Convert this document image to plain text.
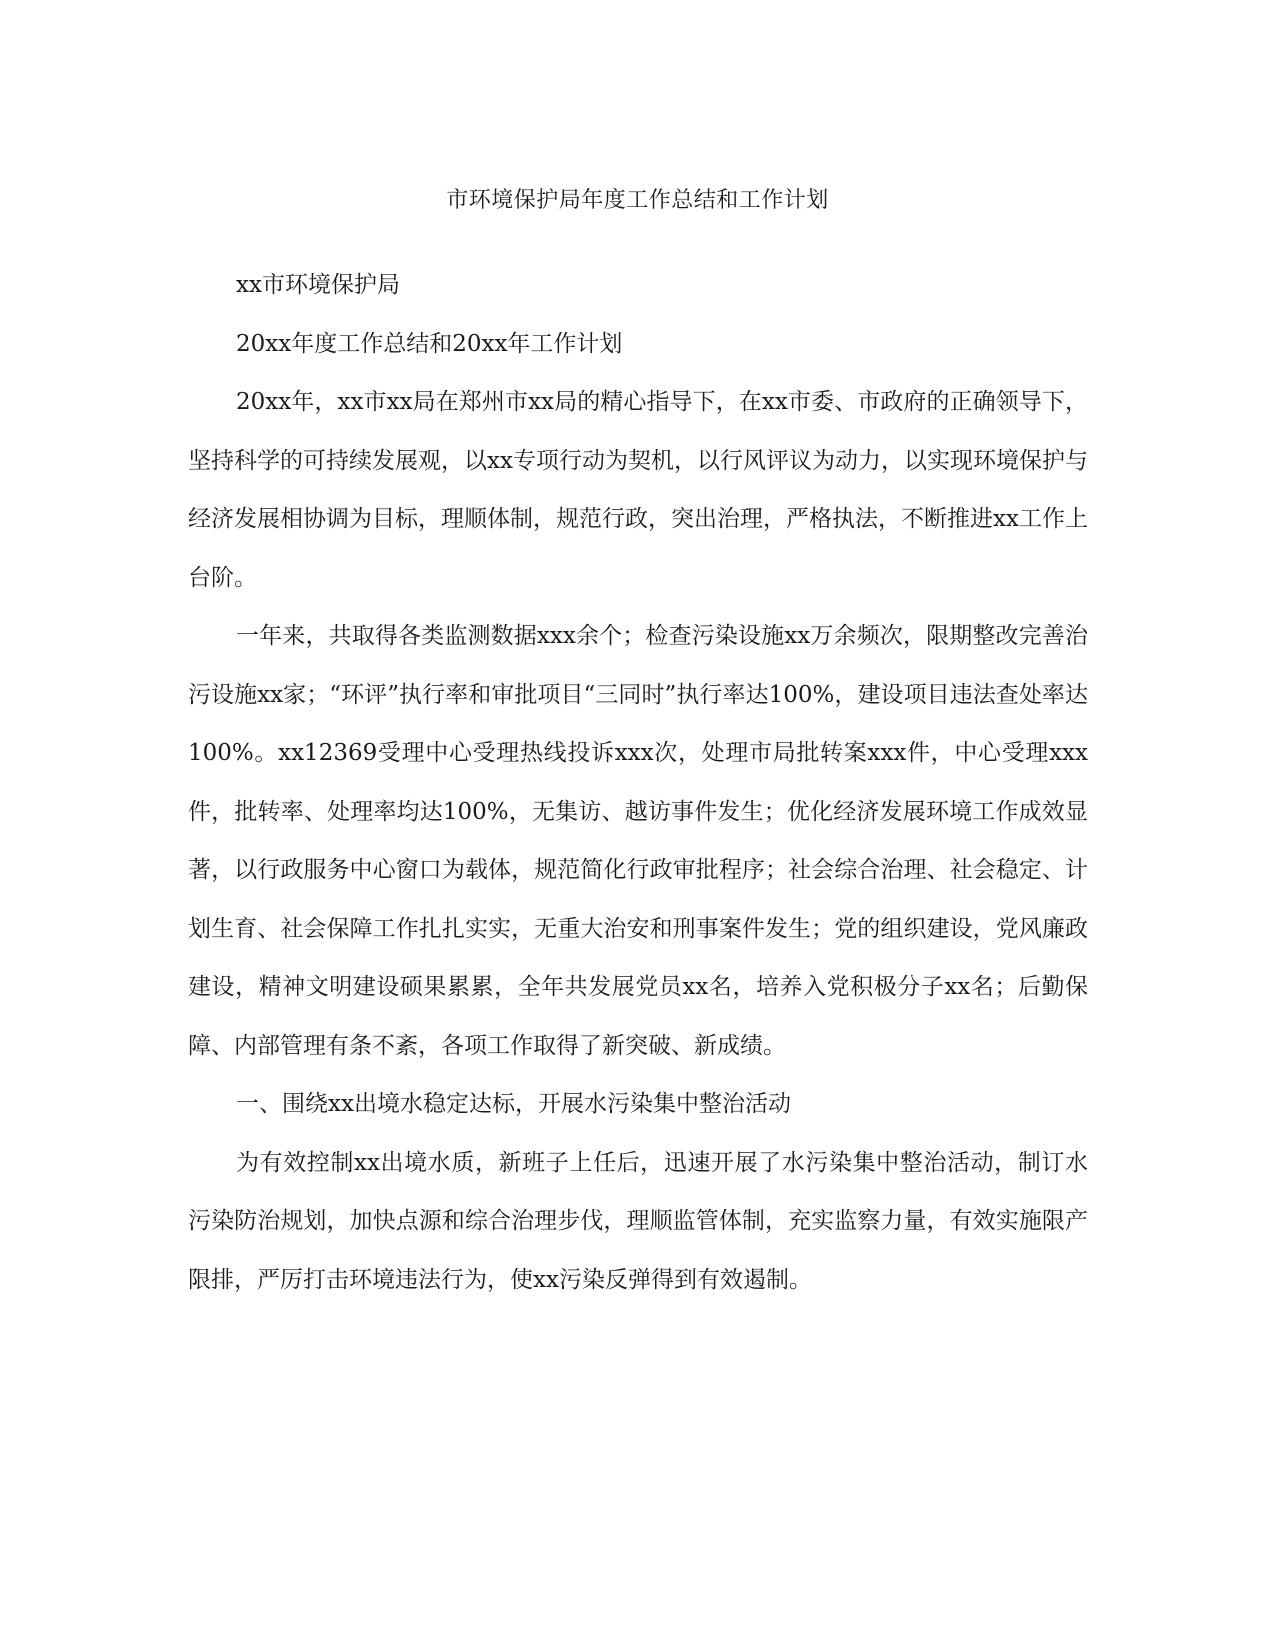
市环境保护局年度工作总结和工作计划

xx市环境保护局

20xx年度工作总结和20xx年工作计划

20xx年，xx市xx局在郑州市xx局的精心指导下，在xx市委、市政府的正确领导下，坚持科学的可持续发展观，以xx专项行动为契机，以行风评议为动力，以实现环境保护与经济发展相协调为目标，理顺体制，规范行政，突出治理，严格执法，不断推进xx工作上台阶。

一年来，共取得各类监测数据xxx余个；检查污染设施xx万余频次，限期整改完善治污设施xx家；“环评”执行率和审批项目“三同时”执行率达100%，建设项目违法查处率达100%。xx12369受理中心受理热线投诉xxx次，处理市局批转案xxx件，中心受理xxx件，批转率、处理率均达100%，无集访、越访事件发生；优化经济发展环境工作成效显著，以行政服务中心窗口为载体，规范简化行政审批程序；社会综合治理、社会稳定、计划生育、社会保障工作扎扎实实，无重大治安和刑事案件发生；党的组织建设，党风廉政建设，精神文明建设硕果累累，全年共发展党员xx名，培养入党积极分子xx名；后勤保障、内部管理有条不紊，各项工作取得了新突破、新成绩。

一、围绕xx出境水稳定达标，开展水污染集中整治活动

为有效控制xx出境水质，新班子上任后，迅速开展了水污染集中整治活动，制订水污染防治规划，加快点源和综合治理步伐，理顺监管体制，充实监察力量，有效实施限产限排，严厉打击环境违法行为，使xx污染反弹得到有效遏制。
